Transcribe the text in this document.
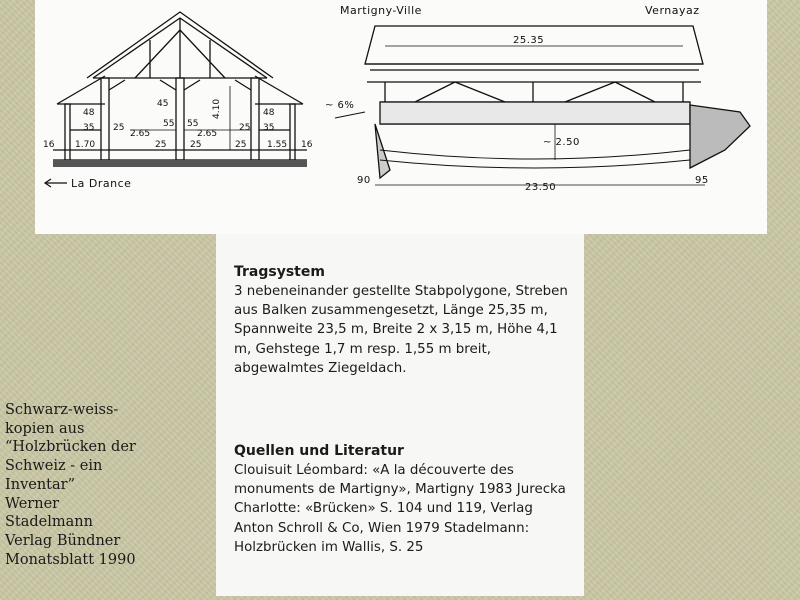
48
35 25
45
55
2.65	2.65
4.10
55	25
48
35
16 1.70	25	25	25 1.55 16
La Drance
Martigny-Ville	Vernayaz
25.35
~ 6%
~ 2.50
23.50
90	95
Tragsystem

3 nebeneinander gestellte Stabpolygone, Streben aus Balken zusammengesetzt, Länge 25,35 m, Spannweite 23,5 m, Breite 2 x 3,15 m, Höhe 4,1 m, Gehstege 1,7 m resp. 1,55 m breit, abgewalmtes Ziegeldach.

Quellen und Literatur

Clouisuit Léombard: «A la découverte des monuments de Martigny», Martigny 1983 Jurecka Charlotte: «Brücken» S. 104 und 119, Verlag Anton Schroll & Co, Wien 1979 Stadelmann: Holzbrücken im Wallis, S. 25

Schwarz-weiss-
kopien aus
“Holzbrücken der
Schweiz - ein
Inventar”
Werner
Stadelmann
Verlag Bündner
Monatsblatt 1990
